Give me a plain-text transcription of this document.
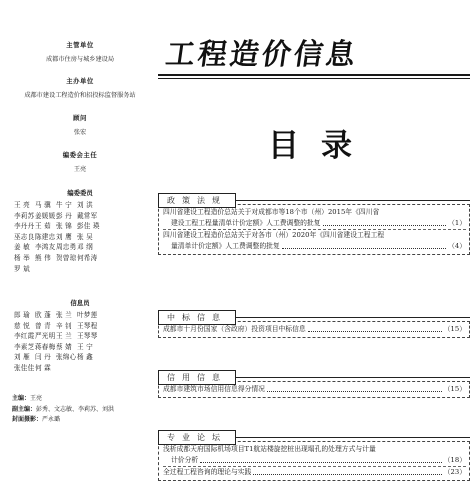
主管单位
成都市住房与城乡建设局
主办单位
成都市建设工程造价和招投标监督服务站
顾问
张宏
编委会主任
王亮
编委委员
王 亮 马 骥 牛 宁 刘 洪
李莉苏 姜媛媛 彭 丹 戴常军
李丹丹 王 茹 张 锦 彭佳 瑛
巫志良 陈建忠 刘 鹰 张 吴
姜 敏 李鸿友 周忠勇 邓 纲
杨 举 熊 伟 贺曾琼 何希涛
罗 斌
信息员
郎 瑜 欧 蓬 张 兰 叶梦莲
慈 悦 曾 青 辛 钊 王琴程
李红霞 严光明 王 兰 王琴琴
李素芝 蒋春梅 蔡 婧 王 宁
刘 雁 闫 丹 张绵心 杨 鑫
张佳佳 何 霖
主编：王亮
副主编：彭秀、文志敏、李莉苏、刘洪
封面摄影：严永璐
工程造价信息
目录
政策法规
四川省建设工程造价总站关于对成都市等18个市（州）2015年《四川省
建设工程工程量清单计价定额》人工费调整的批复	（1）
四川省建设工程造价总站关于对各市（州）2020年《四川省建设工程工程
量清单计价定额》人工费调整的批复	（4）
中标信息
成都市十月份国家（含政府）投资项目中标信息	（15）
信用信息
成都市建筑市场信用信息得分情况	（15）
专业论坛
浅析成都天府国际机场项目T1航站楼旋挖桩出现塌孔的处理方式与计量
计价分析	（18）
全过程工程咨询的理论与实践	（23）
